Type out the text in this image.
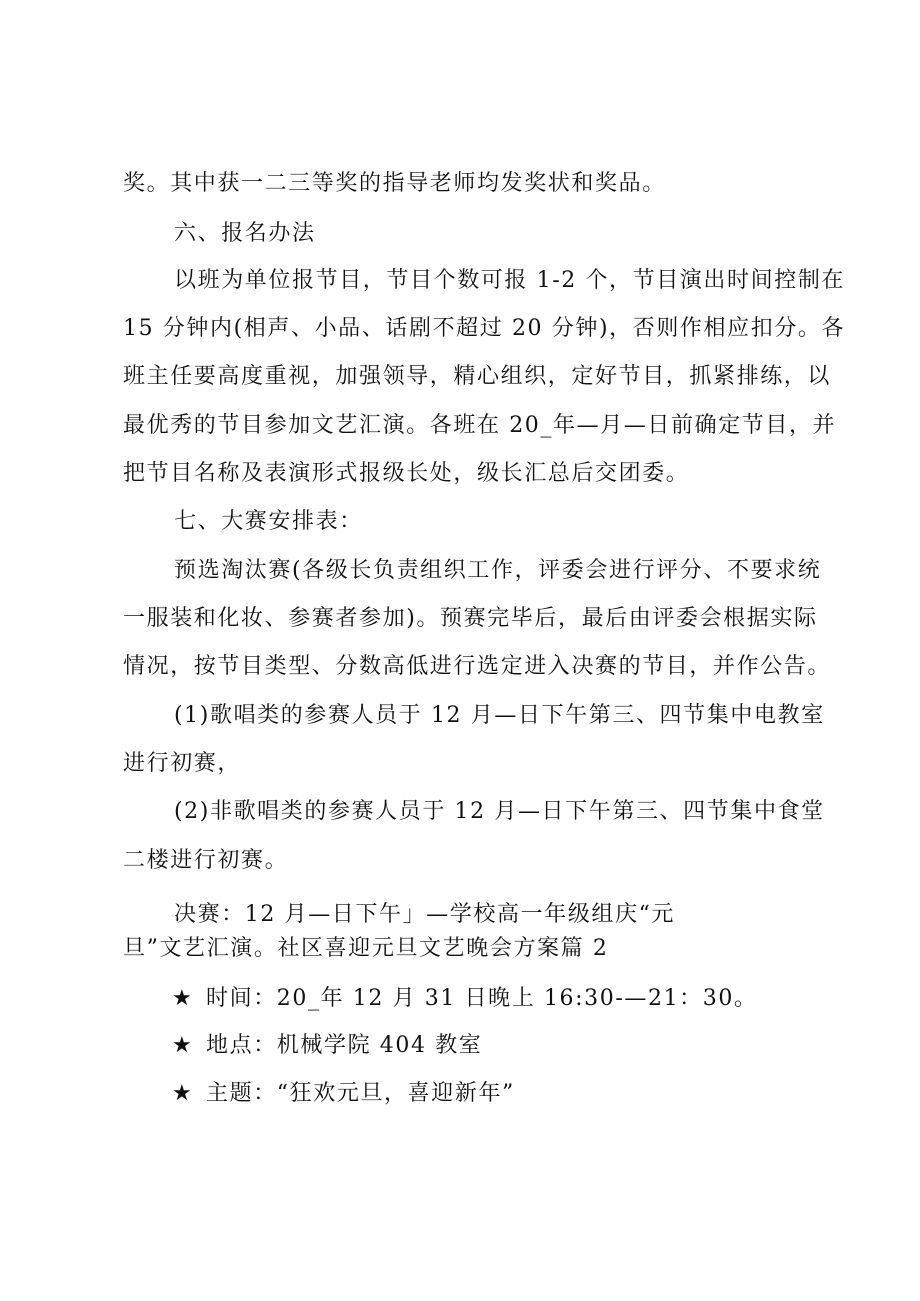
奖。其中获一二三等奖的指导老师均发奖状和奖品。
六、报名办法
以班为单位报节目，节目个数可报 1-2 个，节目演出时间控制在
15 分钟内(相声、小品、话剧不超过 20 分钟)，否则作相应扣分。各
班主任要高度重视，加强领导，精心组织，定好节目，抓紧排练，以
最优秀的节目参加文艺汇演。各班在 20_年—月—日前确定节目，并
把节目名称及表演形式报级长处，级长汇总后交团委。
七、大赛安排表：
预选淘汰赛(各级长负责组织工作，评委会进行评分、不要求统
一服装和化妆、参赛者参加)。预赛完毕后，最后由评委会根据实际
情况，按节目类型、分数高低进行选定进入决赛的节目，并作公告。
(1)歌唱类的参赛人员于 12 月—日下午第三、四节集中电教室
进行初赛，
(2)非歌唱类的参赛人员于 12 月—日下午第三、四节集中食堂
二楼进行初赛。
决赛：12 月—日下午」—学校高一年级组庆“元
旦”文艺汇演。社区喜迎元旦文艺晚会方案篇 2
★ 时间：20_年 12 月 31 日晚上 16:30-—21：30。
★ 地点：机械学院 404 教室
★ 主题：“狂欢元旦，喜迎新年”
